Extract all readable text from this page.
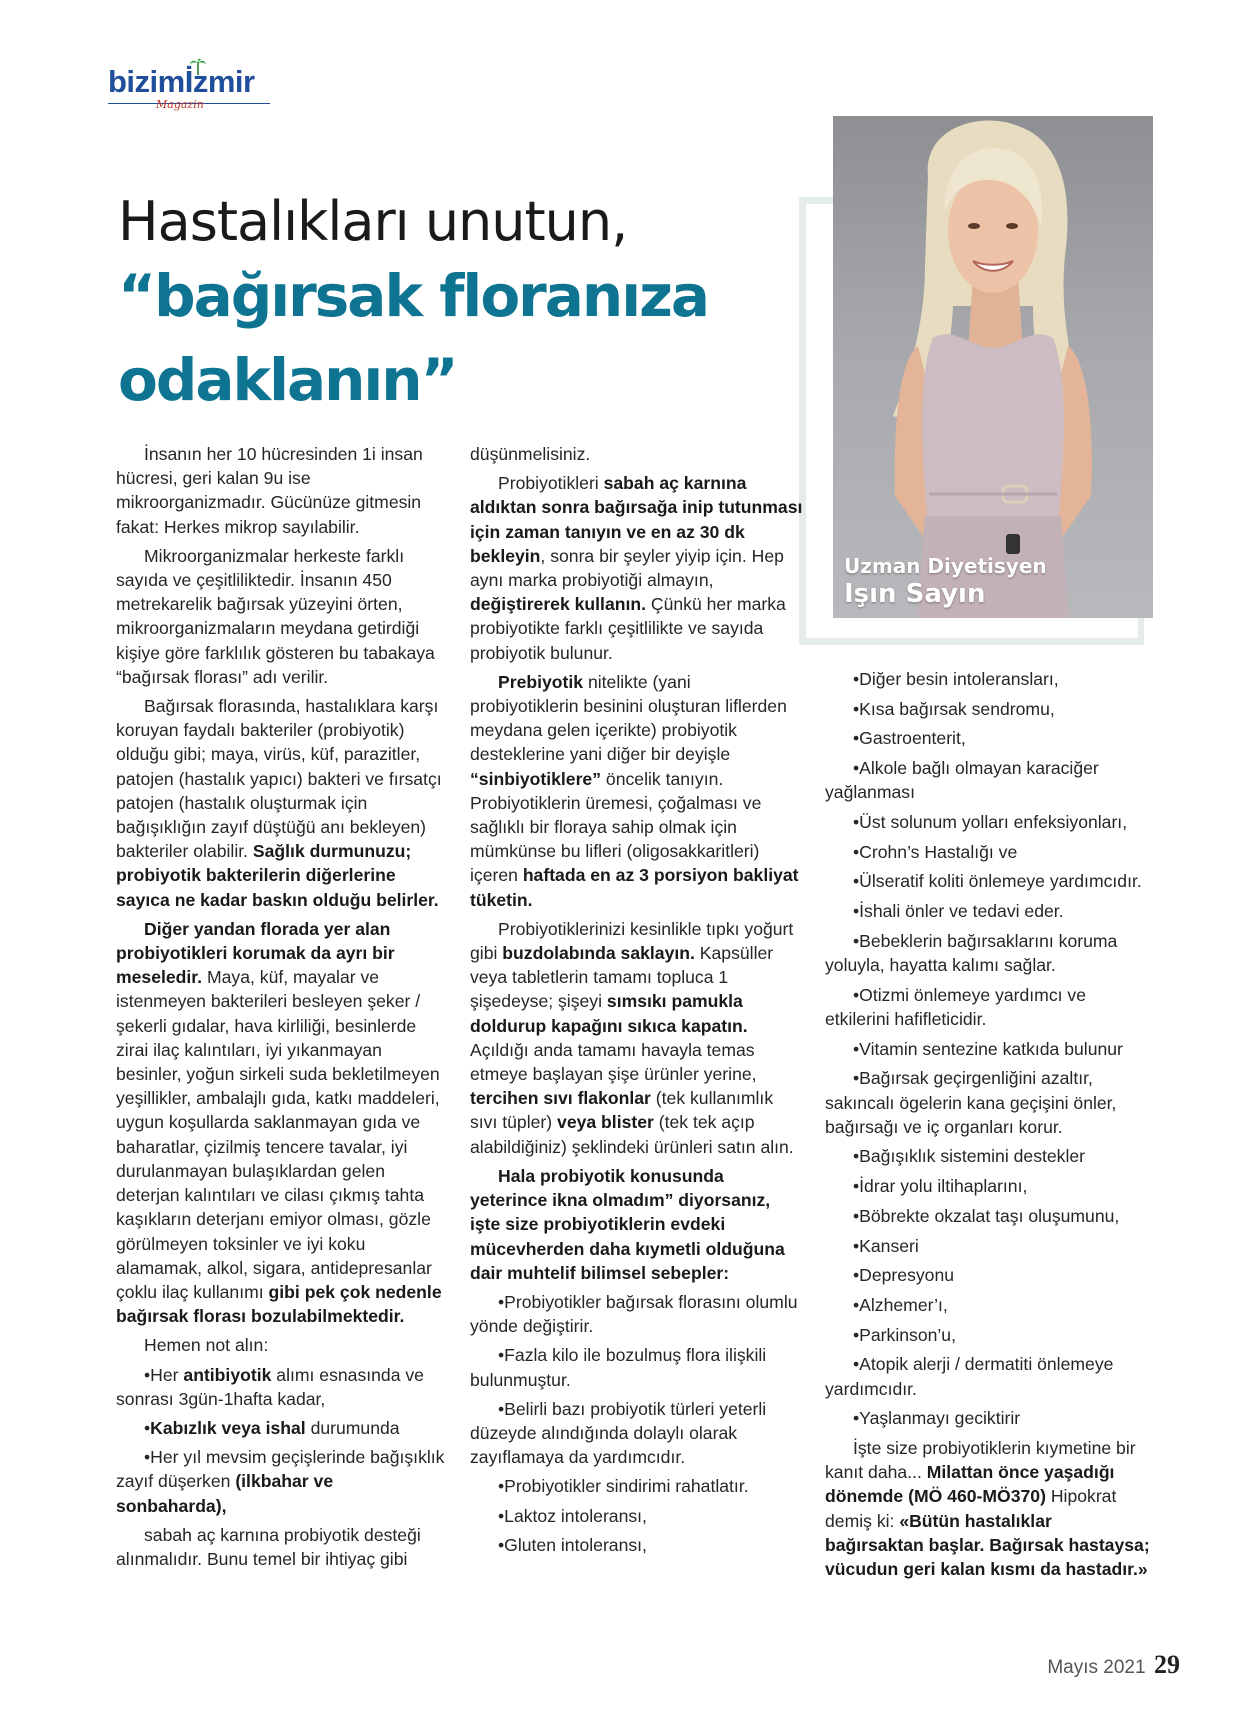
bizimİzmir
Magazin
Hastalıkları unutun,
“bağırsak floranıza
odaklanın”
Uzman Diyetisyen
Işın Sayın

İnsanın her 10 hücresinden 1i insan hücresi, geri kalan 9u ise mikroorganizmadır. Gücünüze gitmesin fakat: Herkes mikrop sayılabilir.

Mikroorganizmalar herkeste farklı sayıda ve çeşitliliktedir. İnsanın 450 metrekarelik bağırsak yüzeyini örten, mikroorganizmaların meydana getirdiği kişiye göre farklılık gösteren bu tabakaya “bağırsak florası” adı verilir.

Bağırsak florasında, hastalıklara karşı koruyan faydalı bakteriler (probiyotik) olduğu gibi; maya, virüs, küf, parazitler, patojen (hastalık yapıcı) bakteri ve fırsatçı patojen (hastalık oluşturmak için bağışıklığın zayıf düştüğü anı bekleyen) bakteriler olabilir. Sağlık durmunuzu; probiyotik bakterilerin diğerlerine sayıca ne kadar baskın olduğu belirler.

Diğer yandan florada yer alan probiyotikleri korumak da ayrı bir meseledir. Maya, küf, mayalar ve istenmeyen bakterileri besleyen şeker / şekerli gıdalar, hava kirliliği, besinlerde zirai ilaç kalıntıları, iyi yıkanmayan besinler, yoğun sirkeli suda bekletilmeyen yeşillikler, ambalajlı gıda, katkı maddeleri, uygun koşullarda saklanmayan gıda ve baharatlar, çizilmiş tencere tavalar, iyi durulanmayan bulaşıklardan gelen deterjan kalıntıları ve cilası çıkmış tahta kaşıkların deterjanı emiyor olması, gözle görülmeyen toksinler ve iyi koku alamamak, alkol, sigara, antidepresanlar çoklu ilaç kullanımı gibi pek çok nedenle bağırsak florası bozulabilmektedir.

Hemen not alın:

•Her antibiyotik alımı esnasında ve sonrası 3gün-1hafta kadar,

•Kabızlık veya ishal durumunda

•Her yıl mevsim geçişlerinde bağışıklık zayıf düşerken (ilkbahar ve sonbaharda),

sabah aç karnına probiyotik desteği alınmalıdır. Bunu temel bir ihtiyaç gibi

düşünmelisiniz.

Probiyotikleri sabah aç karnına aldıktan sonra bağırsağa inip tutunması için zaman tanıyın ve en az 30 dk bekleyin, sonra bir şeyler yiyip için. Hep aynı marka probiyotiği almayın, değiştirerek kullanın. Çünkü her marka probiyotikte farklı çeşitlilikte ve sayıda probiyotik bulunur.

Prebiyotik nitelikte (yani probiyotiklerin besinini oluşturan liflerden meydana gelen içerikte) probiyotik desteklerine yani diğer bir deyişle “sinbiyotiklere” öncelik tanıyın. Probiyotiklerin üremesi, çoğalması ve sağlıklı bir floraya sahip olmak için mümkünse bu lifleri (oligosakkaritleri) içeren haftada en az 3 porsiyon bakliyat tüketin.

Probiyotiklerinizi kesinlikle tıpkı yoğurt gibi buzdolabında saklayın. Kapsüller veya tabletlerin tamamı topluca 1 şişedeyse; şişeyi sımsıkı pamukla doldurup kapağını sıkıca kapatın. Açıldığı anda tamamı havayla temas etmeye başlayan şişe ürünler yerine, tercihen sıvı flakonlar (tek kullanımlık sıvı tüpler) veya blister (tek tek açıp alabildiğiniz) şeklindeki ürünleri satın alın.

Hala probiyotik konusunda yeterince ikna olmadım” diyorsanız, işte size probiyotiklerin evdeki mücevherden daha kıymetli olduğuna dair muhtelif bilimsel sebepler:

•Probiyotikler bağırsak florasını olumlu yönde değiştirir.

•Fazla kilo ile bozulmuş flora ilişkili bulunmuştur.

•Belirli bazı probiyotik türleri yeterli düzeyde alındığında dolaylı olarak zayıflamaya da yardımcıdır.

•Probiyotikler sindirimi rahatlatır.

•Laktoz intoleransı,

•Gluten intoleransı,

•Diğer besin intoleransları,

•Kısa bağırsak sendromu,

•Gastroenterit,

•Alkole bağlı olmayan karaciğer yağlanması

•Üst solunum yolları enfeksiyonları,

•Crohn’s Hastalığı ve

•Ülseratif koliti önlemeye yardımcıdır.

•İshali önler ve tedavi eder.

•Bebeklerin bağırsaklarını koruma yoluyla, hayatta kalımı sağlar.

•Otizmi önlemeye yardımcı ve etkilerini hafifleticidir.

•Vitamin sentezine katkıda bulunur

•Bağırsak geçirgenliğini azaltır, sakıncalı ögelerin kana geçişini önler, bağırsağı ve iç organları korur.

•Bağışıklık sistemini destekler

•İdrar yolu iltihaplarını,

•Böbrekte okzalat taşı oluşumunu,

•Kanseri

•Depresyonu

•Alzhemer’ı,

•Parkinson’u,

•Atopik alerji / dermatiti önlemeye yardımcıdır.

•Yaşlanmayı geciktirir

İşte size probiyotiklerin kıymetine bir kanıt daha... Milattan önce yaşadığı dönemde (MÖ 460-MÖ370) Hipokrat demiş ki: «Bütün hastalıklar bağırsaktan başlar. Bağırsak hastaysa; vücudun geri kalan kısmı da hastadır.»

Mayıs 2021 29
